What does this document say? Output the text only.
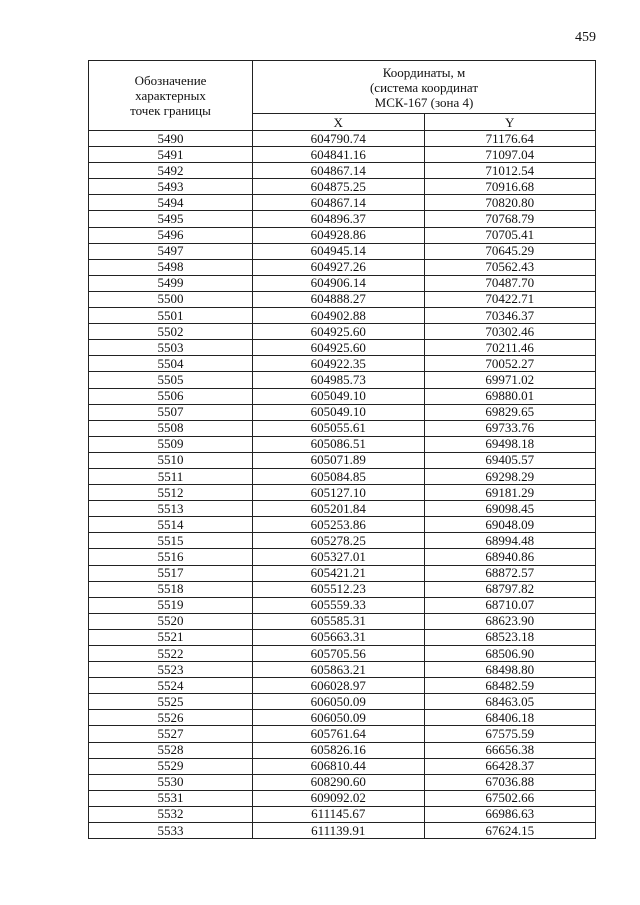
459
Обозначение
характерных
точек границы	Координаты, м
(система координат
МСК-167 (зона 4)	

	X	Y
5490	604790.74	71176.64
5491	604841.16	71097.04
5492	604867.14	71012.54
5493	604875.25	70916.68
5494	604867.14	70820.80
5495	604896.37	70768.79
5496	604928.86	70705.41
5497	604945.14	70645.29
5498	604927.26	70562.43
5499	604906.14	70487.70
5500	604888.27	70422.71
5501	604902.88	70346.37
5502	604925.60	70302.46
5503	604925.60	70211.46
5504	604922.35	70052.27
5505	604985.73	69971.02
5506	605049.10	69880.01
5507	605049.10	69829.65
5508	605055.61	69733.76
5509	605086.51	69498.18
5510	605071.89	69405.57
5511	605084.85	69298.29
5512	605127.10	69181.29
5513	605201.84	69098.45
5514	605253.86	69048.09
5515	605278.25	68994.48
5516	605327.01	68940.86
5517	605421.21	68872.57
5518	605512.23	68797.82
5519	605559.33	68710.07
5520	605585.31	68623.90
5521	605663.31	68523.18
5522	605705.56	68506.90
5523	605863.21	68498.80
5524	606028.97	68482.59
5525	606050.09	68463.05
5526	606050.09	68406.18
5527	605761.64	67575.59
5528	605826.16	66656.38
5529	606810.44	66428.37
5530	608290.60	67036.88
5531	609092.02	67502.66
5532	611145.67	66986.63
5533	611139.91	67624.15
